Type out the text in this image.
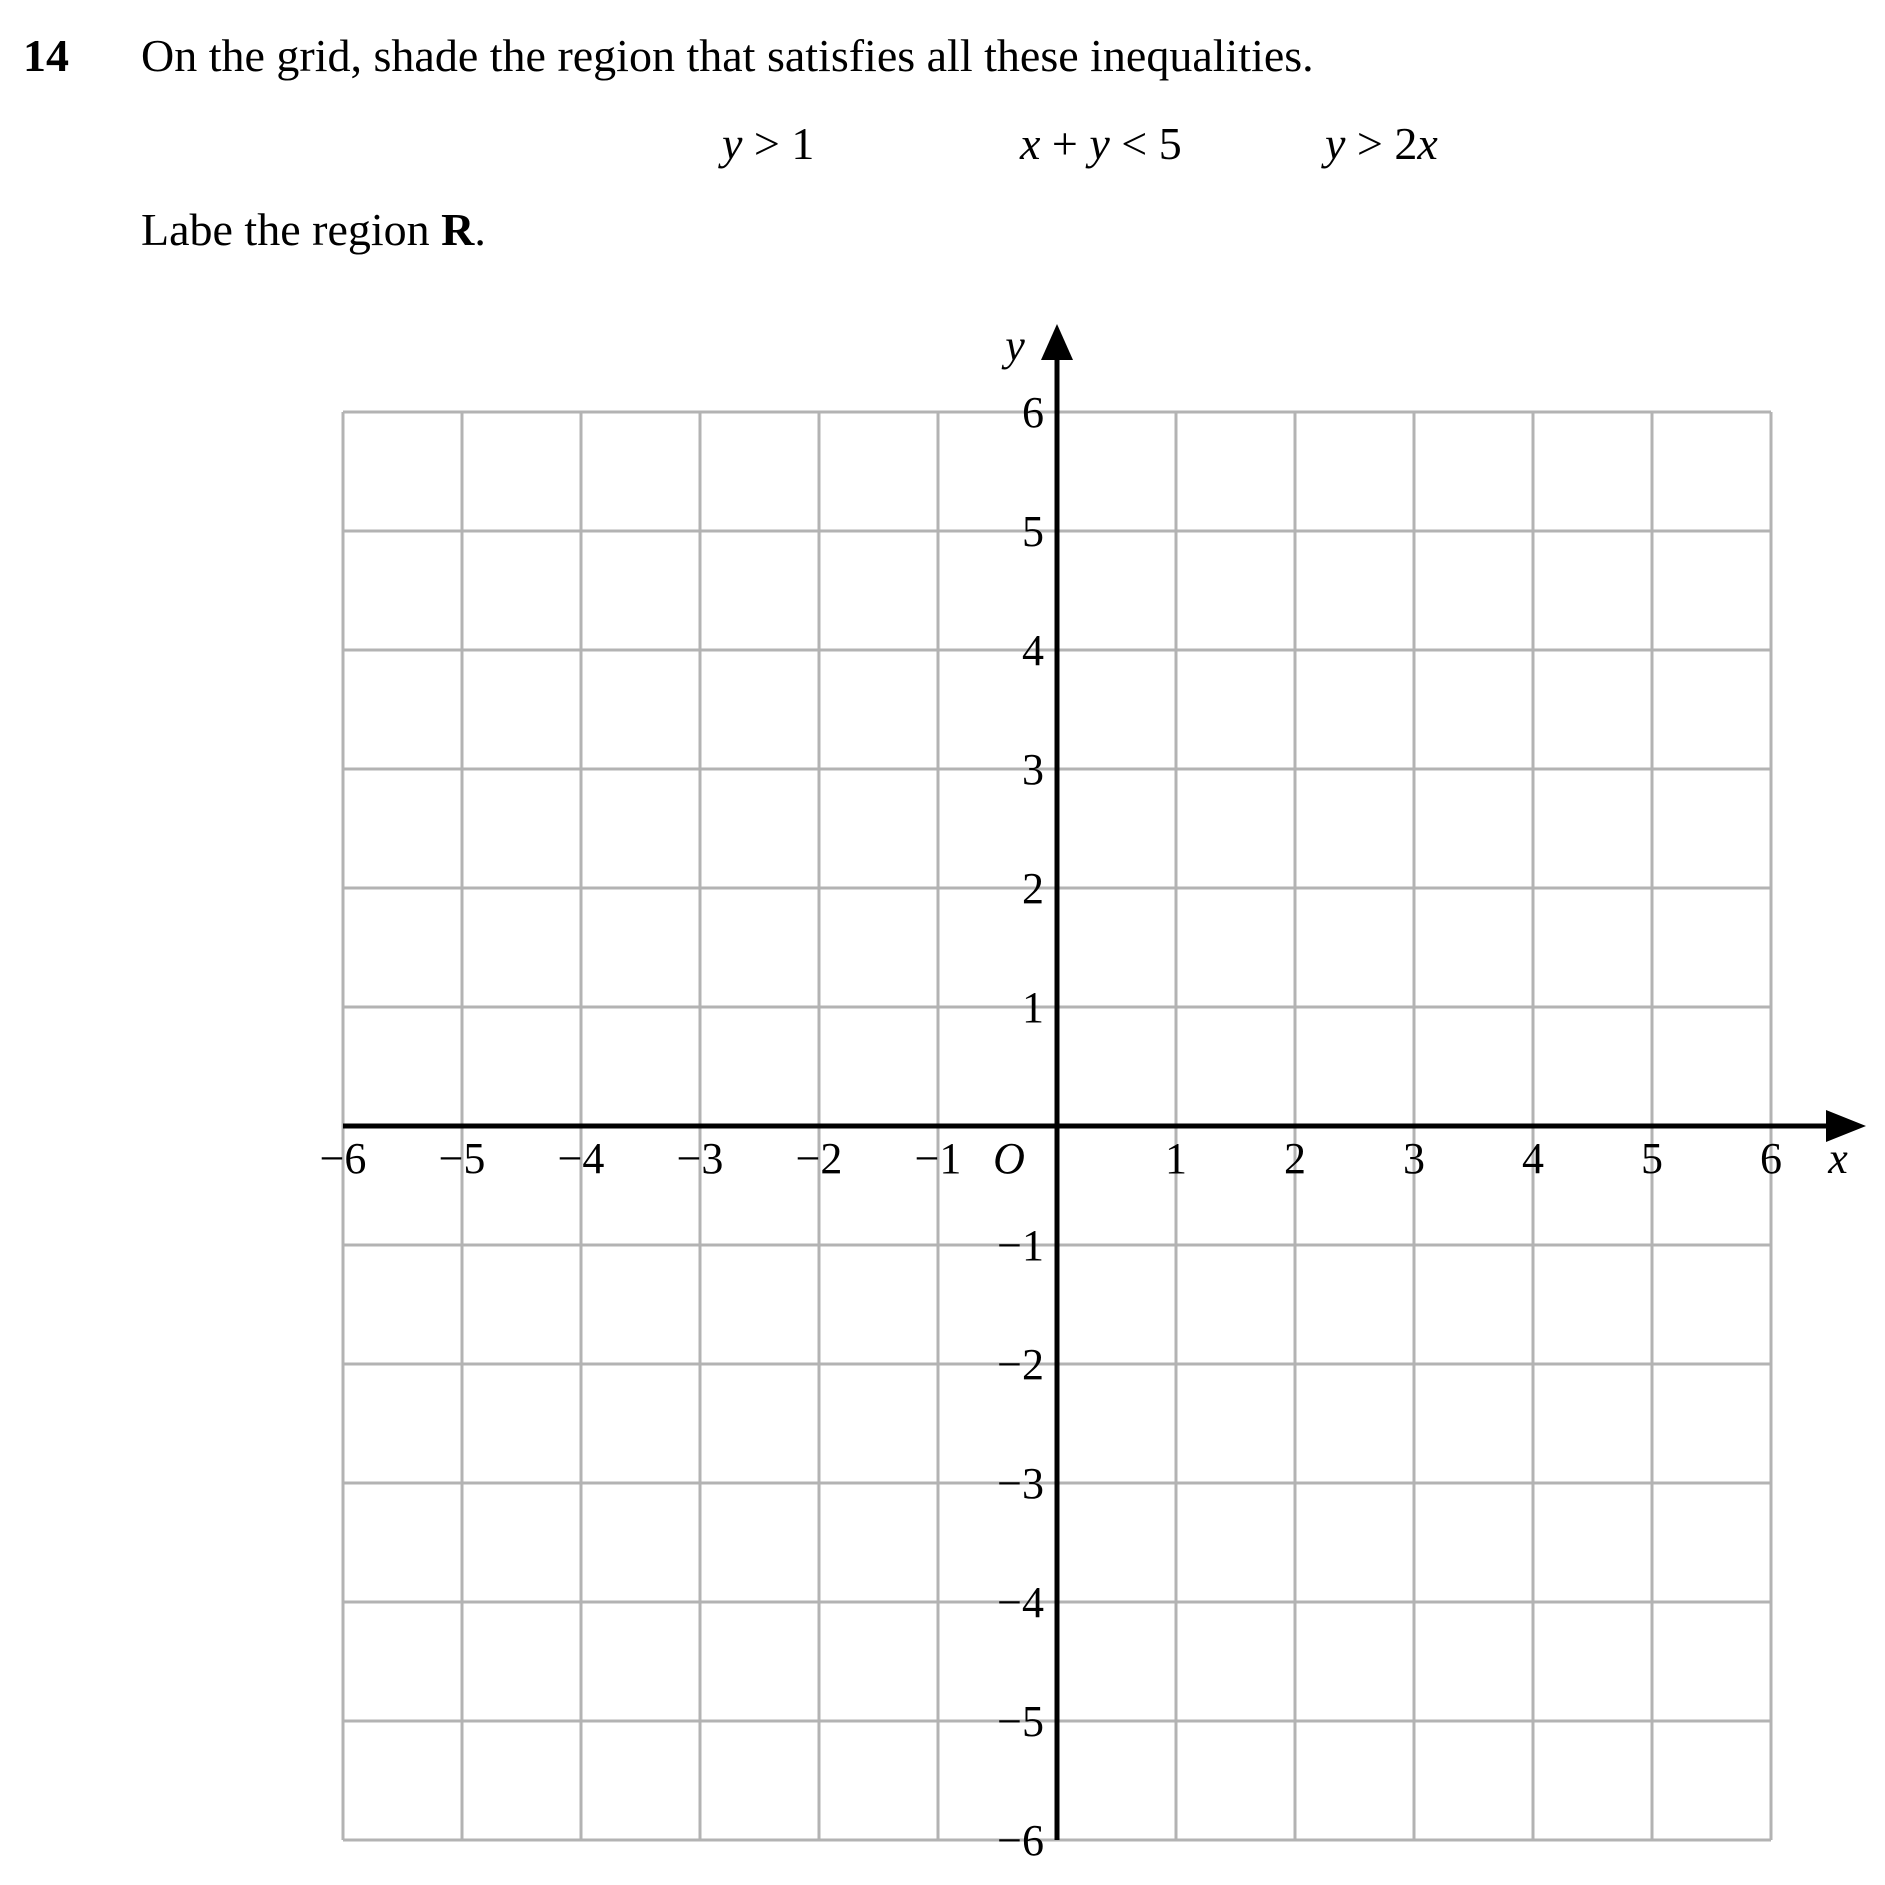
14 On the grid, shade the region that satisfies all these inequalities.
y > 1	x + y < 5	y > 2x
Labe the region R.
−6 −5 −4 −3 −2 −1	1 2 3 4 5 6
6
5
4
3
2
1
−1
−2
−3
−4
−5
−6
O	x
y
